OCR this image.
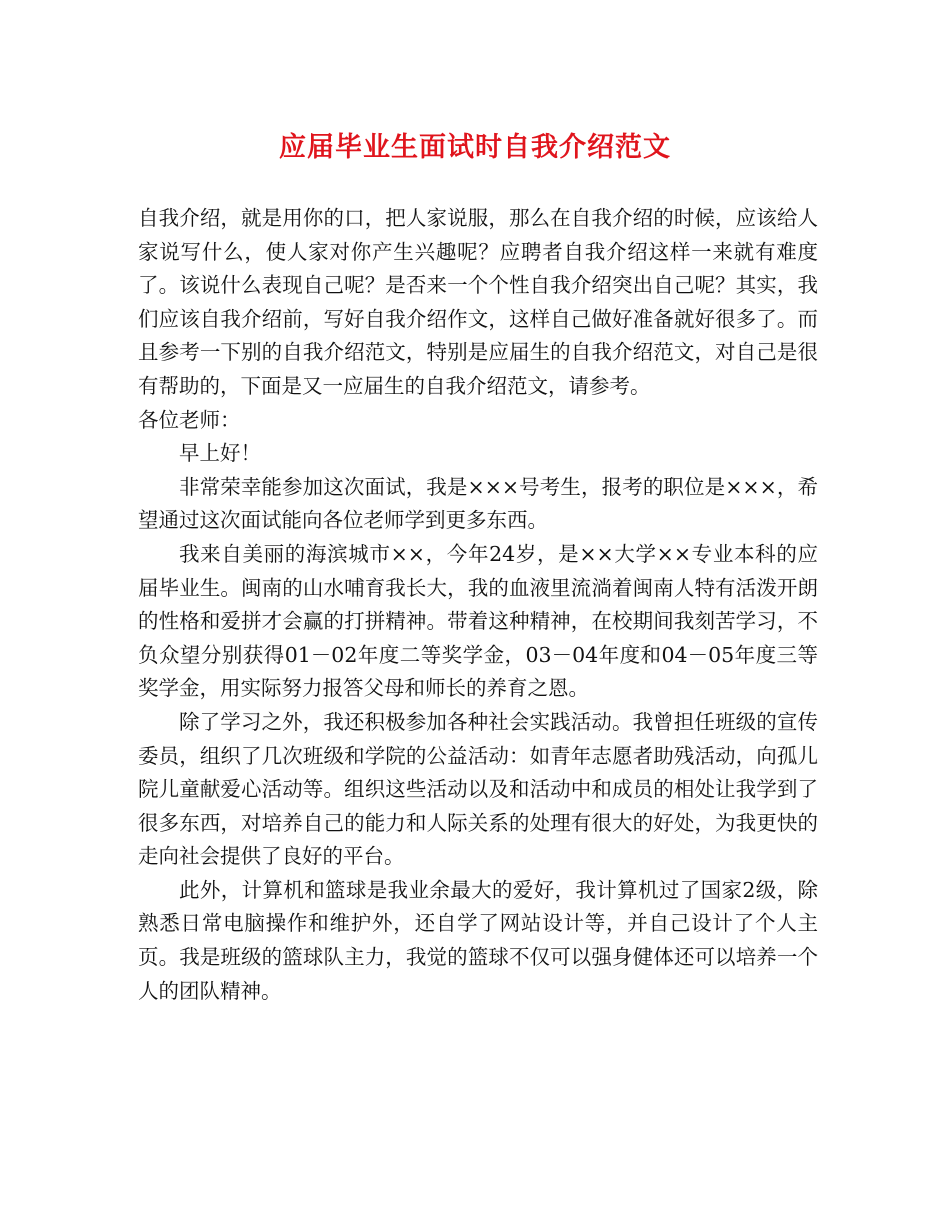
应届毕业生面试时自我介绍范文

自我介绍，就是用你的口，把人家说服，那么在自我介绍的时候，应该给人家说写什么，使人家对你产生兴趣呢？应聘者自我介绍这样一来就有难度了。该说什么表现自己呢？是否来一个个性自我介绍突出自己呢？其实，我们应该自我介绍前，写好自我介绍作文，这样自己做好准备就好很多了。而且参考一下别的自我介绍范文，特别是应届生的自我介绍范文，对自己是很有帮助的，下面是又一应届生的自我介绍范文，请参考。

各位老师：

早上好！

非常荣幸能参加这次面试，我是×××号考生，报考的职位是×××，希望通过这次面试能向各位老师学到更多东西。

我来自美丽的海滨城市××，今年24岁，是××大学××专业本科的应届毕业生。闽南的山水哺育我长大，我的血液里流淌着闽南人特有活泼开朗的性格和爱拼才会赢的打拼精神。带着这种精神，在校期间我刻苦学习，不负众望分别获得01－02年度二等奖学金，03－04年度和04－05年度三等奖学金，用实际努力报答父母和师长的养育之恩。

除了学习之外，我还积极参加各种社会实践活动。我曾担任班级的宣传委员，组织了几次班级和学院的公益活动：如青年志愿者助残活动，向孤儿院儿童献爱心活动等。组织这些活动以及和活动中和成员的相处让我学到了很多东西，对培养自己的能力和人际关系的处理有很大的好处，为我更快的走向社会提供了良好的平台。

此外，计算机和篮球是我业余最大的爱好，我计算机过了国家2级，除熟悉日常电脑操作和维护外，还自学了网站设计等，并自己设计了个人主页。我是班级的篮球队主力，我觉的篮球不仅可以强身健体还可以培养一个人的团队精神。
